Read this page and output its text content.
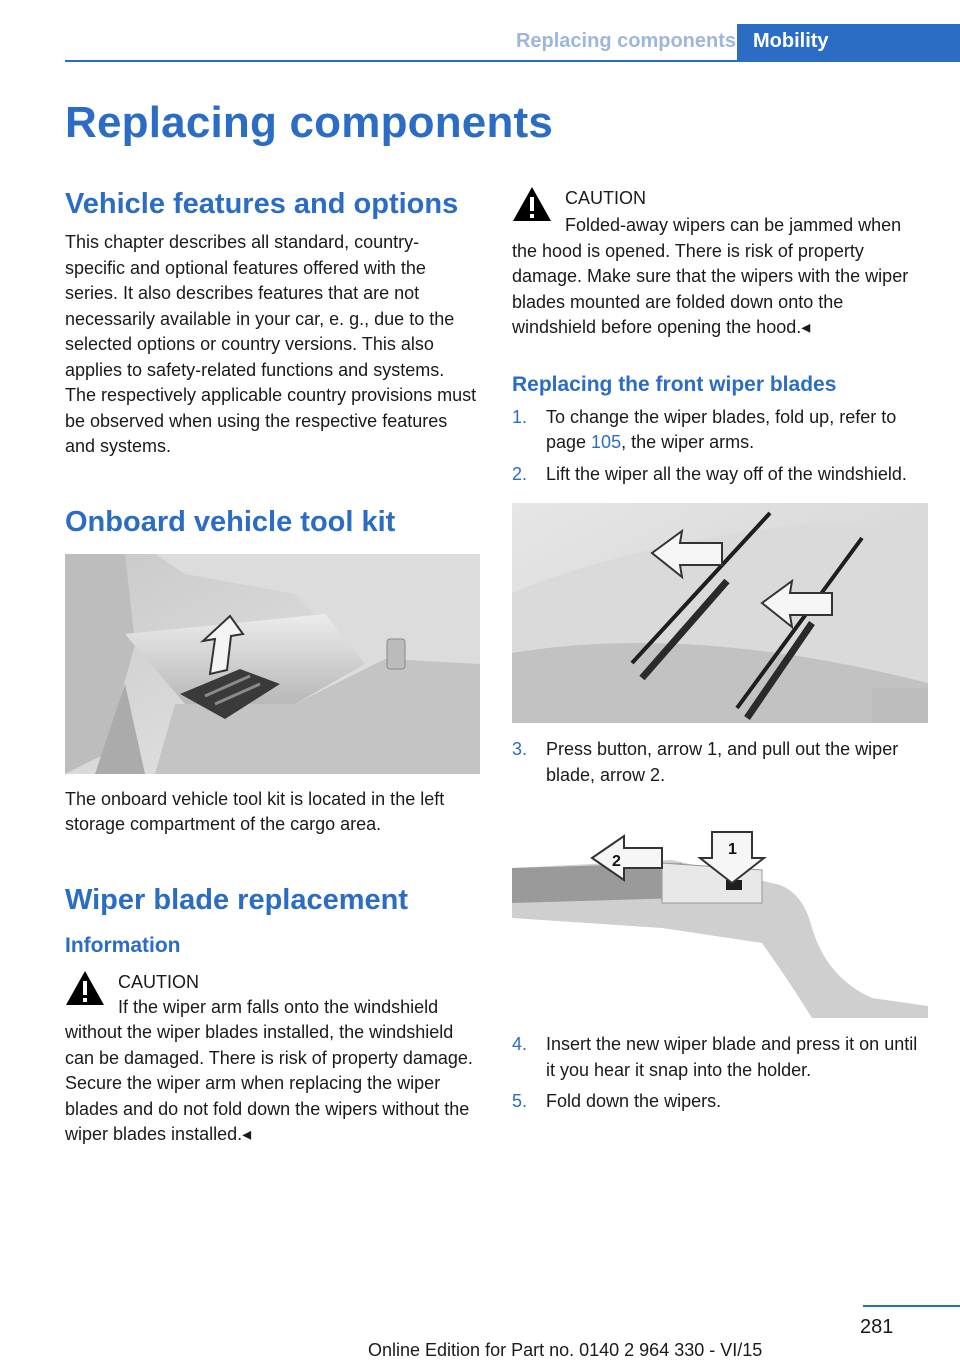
Replacing components Mobility
Replacing components
Vehicle features and options

This chapter describes all standard, country-specific and optional features offered with the series. It also describes features that are not necessarily available in your car, e. g., due to the selected options or country versions. This also applies to safety-related functions and systems. The respectively applicable country provisions must be observed when using the respective features and systems.

Onboard vehicle tool kit

The onboard vehicle tool kit is located in the left storage compartment of the cargo area.

Wiper blade replacement
Information
CAUTION

If the wiper arm falls onto the windshield without the wiper blades installed, the windshield can be damaged. There is risk of property damage. Secure the wiper arm when replacing the wiper blades and do not fold down the wipers without the wiper blades installed.◂

CAUTION

Folded-away wipers can be jammed when the hood is opened. There is risk of property damage. Make sure that the wipers with the wiper blades mounted are folded down onto the windshield before opening the hood.◂

Replacing the front wiper blades
1. To change the wiper blades, fold up, refer to page 105, the wiper arms.
2. Lift the wiper all the way off of the windshield.
3. Press button, arrow 1, and pull out the wiper blade, arrow 2.
2
1
4. Insert the new wiper blade and press it on until it you hear it snap into the holder.
5. Fold down the wipers.
281
Online Edition for Part no. 0140 2 964 330 - VI/15
